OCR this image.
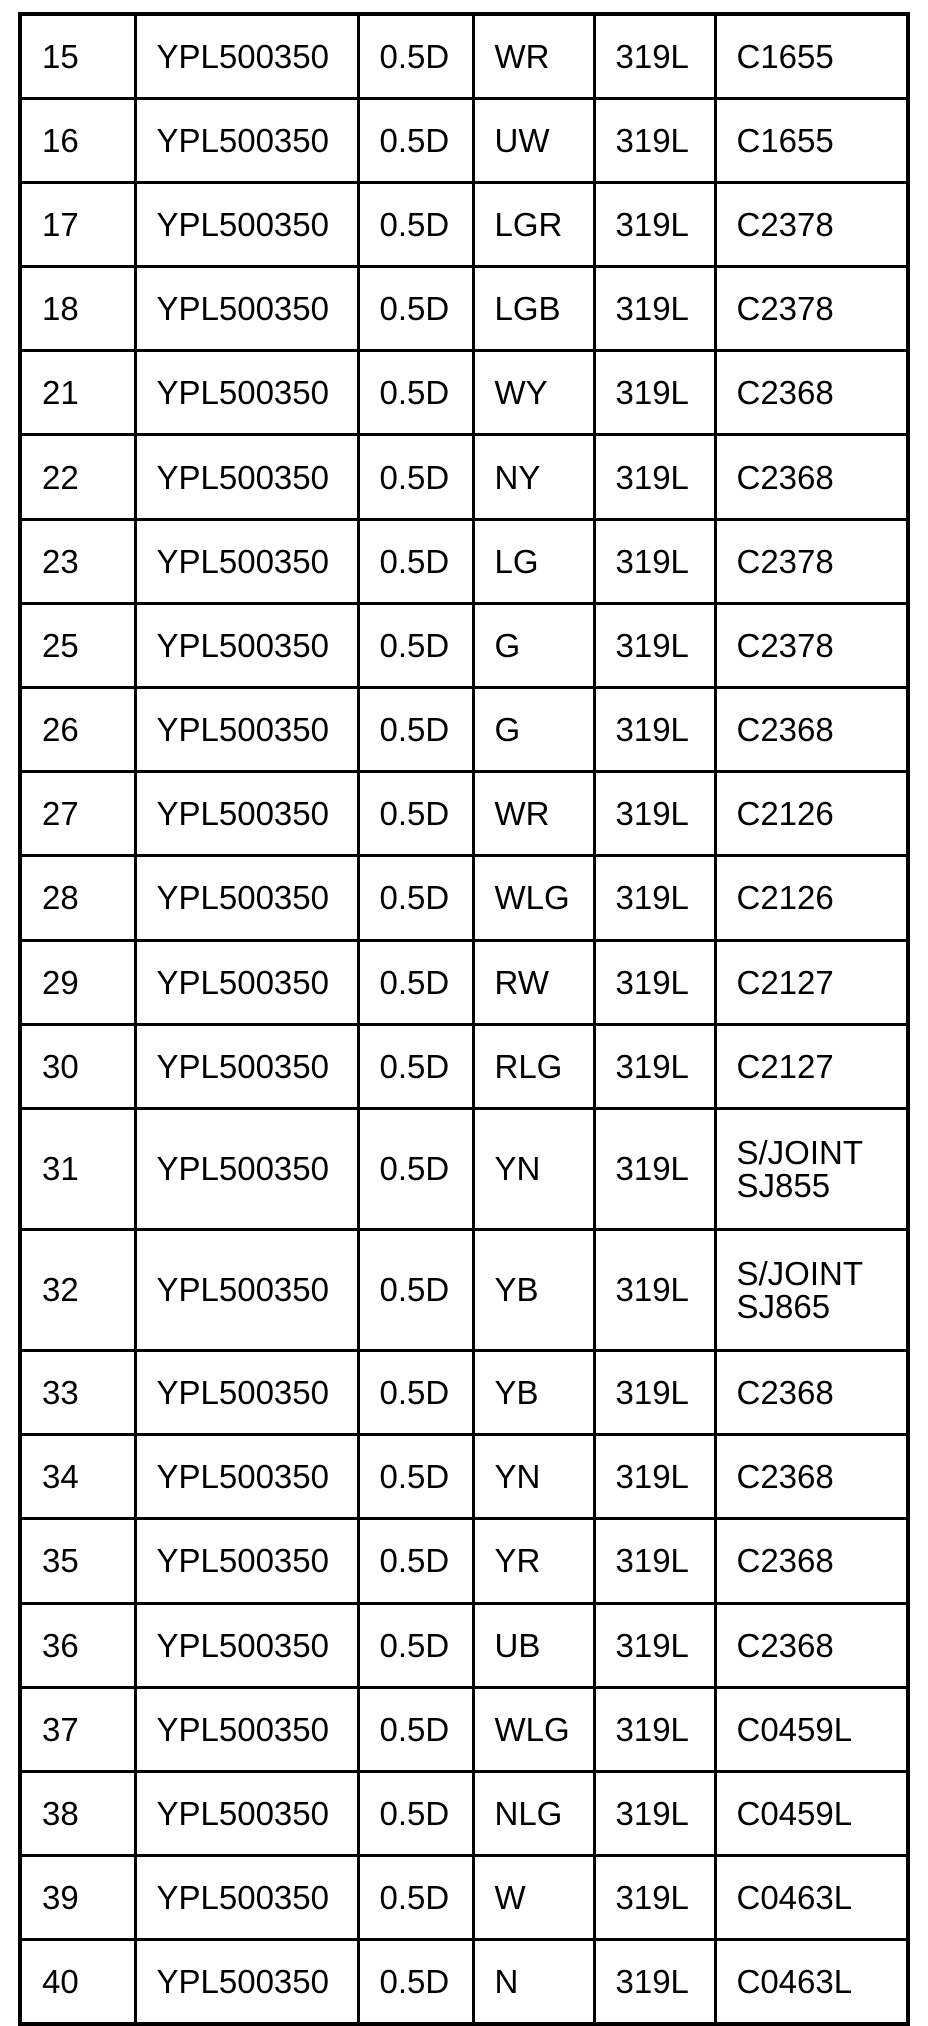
15	YPL500350	0.5D	WR	319L	C1655
16	YPL500350	0.5D	UW	319L	C1655
17	YPL500350	0.5D	LGR	319L	C2378
18	YPL500350	0.5D	LGB	319L	C2378
21	YPL500350	0.5D	WY	319L	C2368
22	YPL500350	0.5D	NY	319L	C2368
23	YPL500350	0.5D	LG	319L	C2378
25	YPL500350	0.5D	G	319L	C2378
26	YPL500350	0.5D	G	319L	C2368
27	YPL500350	0.5D	WR	319L	C2126
28	YPL500350	0.5D	WLG	319L	C2126
29	YPL500350	0.5D	RW	319L	C2127
30	YPL500350	0.5D	RLG	319L	C2127
31	YPL500350	0.5D	YN	319L	S/JOINT
SJ855

32	YPL500350	0.5D	YB	319L	S/JOINT
SJ865

33	YPL500350	0.5D	YB	319L	C2368
34	YPL500350	0.5D	YN	319L	C2368
35	YPL500350	0.5D	YR	319L	C2368
36	YPL500350	0.5D	UB	319L	C2368
37	YPL500350	0.5D	WLG	319L	C0459L
38	YPL500350	0.5D	NLG	319L	C0459L
39	YPL500350	0.5D	W	319L	C0463L
40	YPL500350	0.5D	N	319L	C0463L
